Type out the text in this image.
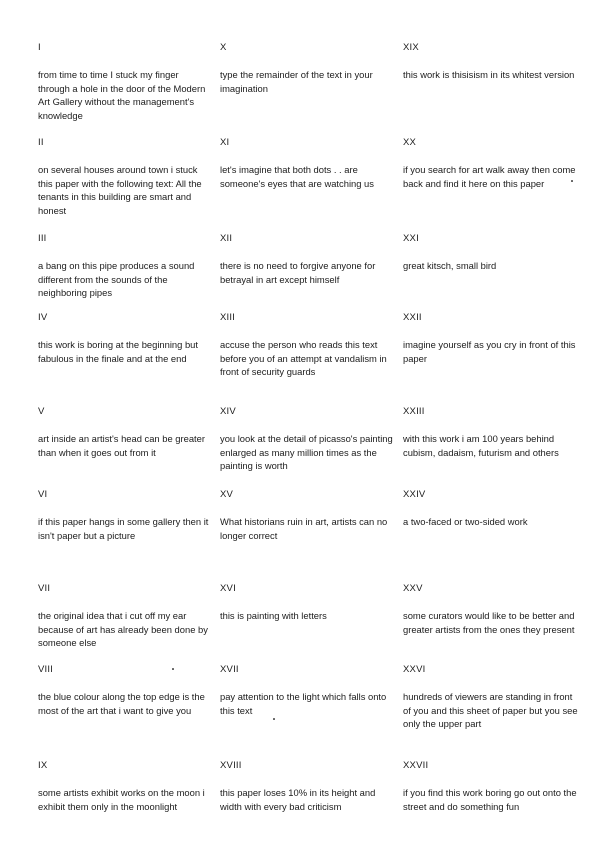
I
from time to time I stuck my finger through a hole in the door of the Modern Art Gallery without the management's knowledge
II
on several houses around town i stuck this paper with the following text: All the tenants in this building are smart and honest
III
a bang on this pipe produces a sound different from the sounds of the neighboring pipes
IV
this work is boring at the beginning but fabulous in the finale and at the end
V
art inside an artist's head can be greater than when it goes out from it
VI
if this paper hangs in some gallery then it isn't paper but a picture
VII
the original idea that i cut off my ear because of art has already been done by someone else
VIII
the blue colour along the top edge is the most of the art that i want to give you
IX
some artists exhibit works on the moon i exhibit them only in the moonlight
X
type the remainder of the text in your imagination
XI
let's imagine that both dots . . are someone's eyes that are watching us
XII
there is no need to forgive anyone for betrayal in art except himself
XIII
accuse the person who reads this text before you of an attempt at vandalism in front of security guards
XIV
you look at the detail of picasso's painting enlarged as many million times as the painting is worth
XV
What historians ruin in art, artists can no longer correct
XVI
this is painting with letters
XVII
pay attention to the light which falls onto this text
XVIII
this paper loses 10% in its height and width with every bad criticism
XIX
this work is thisisism in its whitest version
XX
if you search for art walk away then come back and find it here on this paper
XXI
great kitsch, small bird
XXII
imagine yourself as you cry in front of this paper
XXIII
with this work i am 100 years behind cubism, dadaism, futurism and others
XXIV
a two-faced or two-sided work
XXV
some curators would like to be better and greater artists from the ones they present
XXVI
hundreds of viewers are standing in front of you and this sheet of paper but you see only the upper part
XXVII
if you find this work boring go out onto the street and do something fun
